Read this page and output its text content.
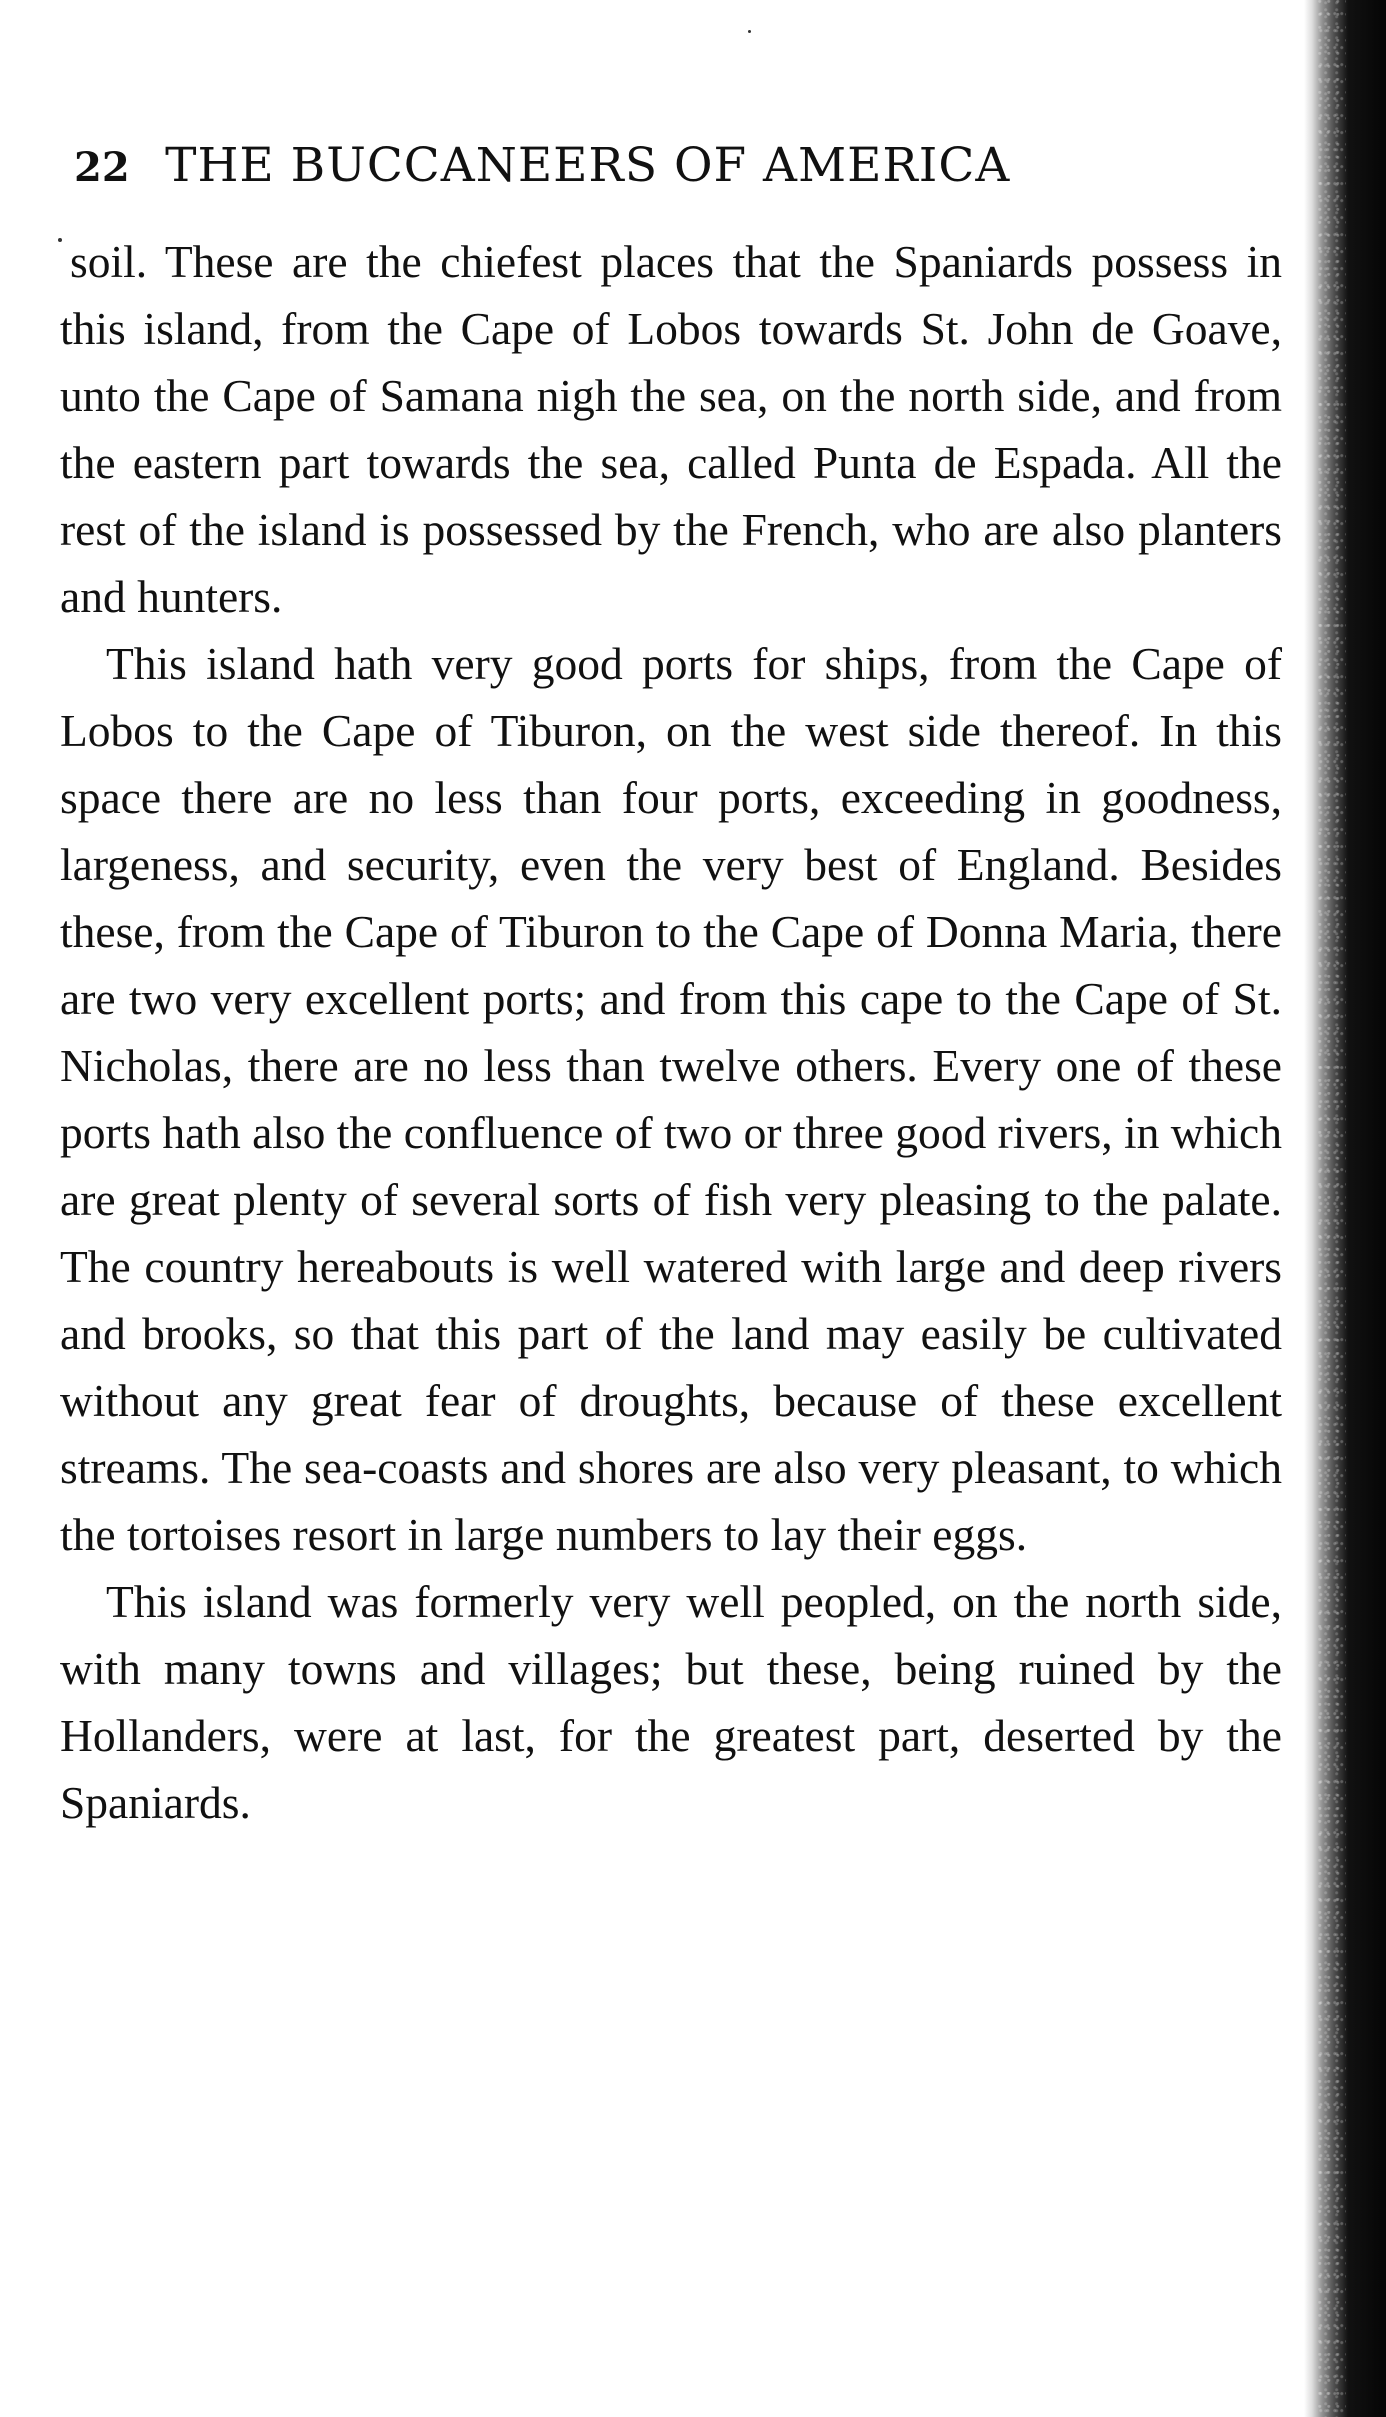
22 THE BUCCANEERS OF AMERICA

soil. These are the chiefest places that the Spaniards possess in this island, from the Cape of Lobos towards St. John de Goave, unto the Cape of Samana nigh the sea, on the north side, and from the eastern part towards the sea, called Punta de Espada. All the rest of the island is possessed by the French, who are also planters and hunters.

This island hath very good ports for ships, from the Cape of Lobos to the Cape of Tiburon, on the west side thereof. In this space there are no less than four ports, exceeding in goodness, largeness, and security, even the very best of England. Besides these, from the Cape of Tiburon to the Cape of Donna Maria, there are two very excellent ports; and from this cape to the Cape of St. Nicholas, there are no less than twelve others. Every one of these ports hath also the confluence of two or three good rivers, in which are great plenty of several sorts of fish very pleasing to the palate. The country hereabouts is well watered with large and deep rivers and brooks, so that this part of the land may easily be cultivated without any great fear of droughts, because of these excellent streams. The sea-coasts and shores are also very pleasant, to which the tortoises resort in large numbers to lay their eggs.

This island was formerly very well peopled, on the north side, with many towns and villages; but these, being ruined by the Hollanders, were at last, for the greatest part, deserted by the Spaniards.
